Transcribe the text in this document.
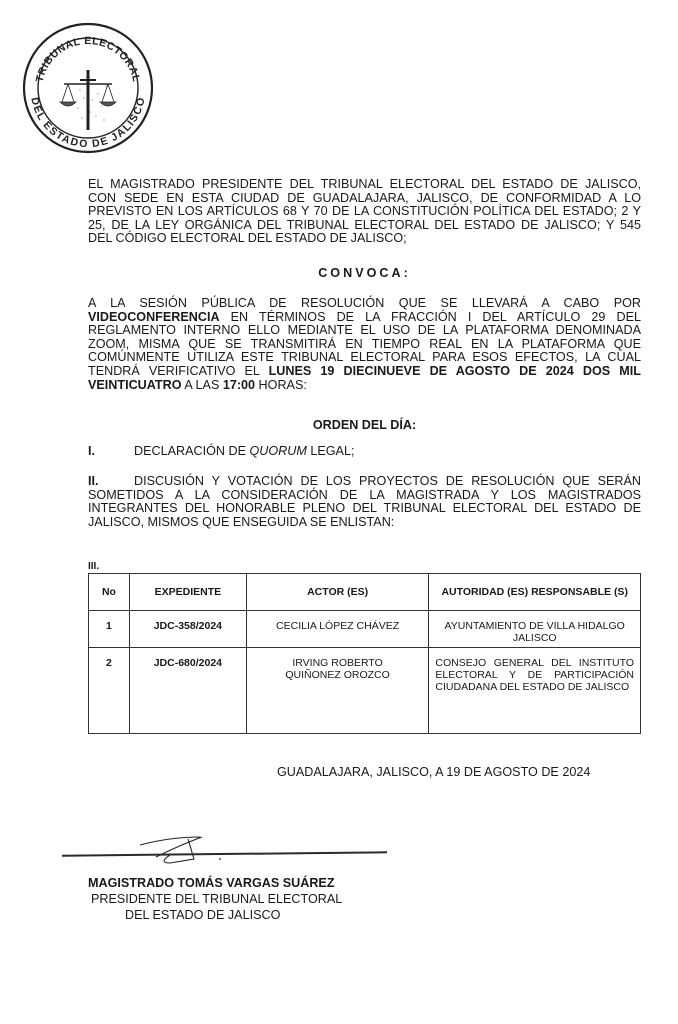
TRIBUNAL ELECTORAL
DEL ESTADO DE JALISCO
EL MAGISTRADO PRESIDENTE DEL TRIBUNAL ELECTORAL DEL ESTADO DE JALISCO,
CON SEDE EN ESTA CIUDAD DE GUADALAJARA, JALISCO, DE CONFORMIDAD A LO
PREVISTO EN LOS ARTÍCULOS 68 Y 70 DE LA CONSTITUCIÓN POLÍTICA DEL ESTADO; 2 Y
25, DE LA LEY ORGÁNICA DEL TRIBUNAL ELECTORAL DEL ESTADO DE JALISCO; Y 545
DEL CÓDIGO ELECTORAL DEL ESTADO DE JALISCO;
CONVOCA:
A LA SESIÓN PÚBLICA DE RESOLUCIÓN QUE SE LLEVARÁ A CABO POR
VIDEOCONFERENCIA EN TÉRMINOS DE LA FRACCIÓN I DEL ARTÍCULO 29 DEL
REGLAMENTO INTERNO ELLO MEDIANTE EL USO DE LA PLATAFORMA DENOMINADA
ZOOM, MISMA QUE SE TRANSMITIRÁ EN TIEMPO REAL EN LA PLATAFORMA QUE
COMÚNMENTE UTILIZA ESTE TRIBUNAL ELECTORAL PARA ESOS EFECTOS, LA CUAL
TENDRÁ VERIFICATIVO EL LUNES 19 DIECINUEVE DE AGOSTO DE 2024 DOS MIL
VEINTICUATRO A LAS 17:00 HORAS:
ORDEN DEL DÍA:
I.	DECLARACIÓN DE QUORUM LEGAL;
II.	DISCUSIÓN Y VOTACIÓN DE LOS PROYECTOS DE RESOLUCIÓN QUE SERÁN
SOMETIDOS A LA CONSIDERACIÓN DE LA MAGISTRADA Y LOS MAGISTRADOS
INTEGRANTES DEL HONORABLE PLENO DEL TRIBUNAL ELECTORAL DEL ESTADO DE
JALISCO, MISMOS QUE ENSEGUIDA SE ENLISTAN:
III.
No	EXPEDIENTE	ACTOR (ES)	AUTORIDAD (ES) RESPONSABLE (S)
1	JDC-358/2024	CECILIA LÓPEZ CHÁVEZ	AYUNTAMIENTO DE VILLA HIDALGO JALISCO
2	JDC-680/2024	IRVING ROBERTO QUIÑONEZ OROZCO	CONSEJO GENERAL DEL INSTITUTO ELECTORAL Y DE PARTICIPACIÓN CIUDADANA DEL ESTADO DE JALISCO
GUADALAJARA, JALISCO, A 19 DE AGOSTO DE 2024
MAGISTRADO TOMÁS VARGAS SUÁREZ
PRESIDENTE DEL TRIBUNAL ELECTORAL
DEL ESTADO DE JALISCO
